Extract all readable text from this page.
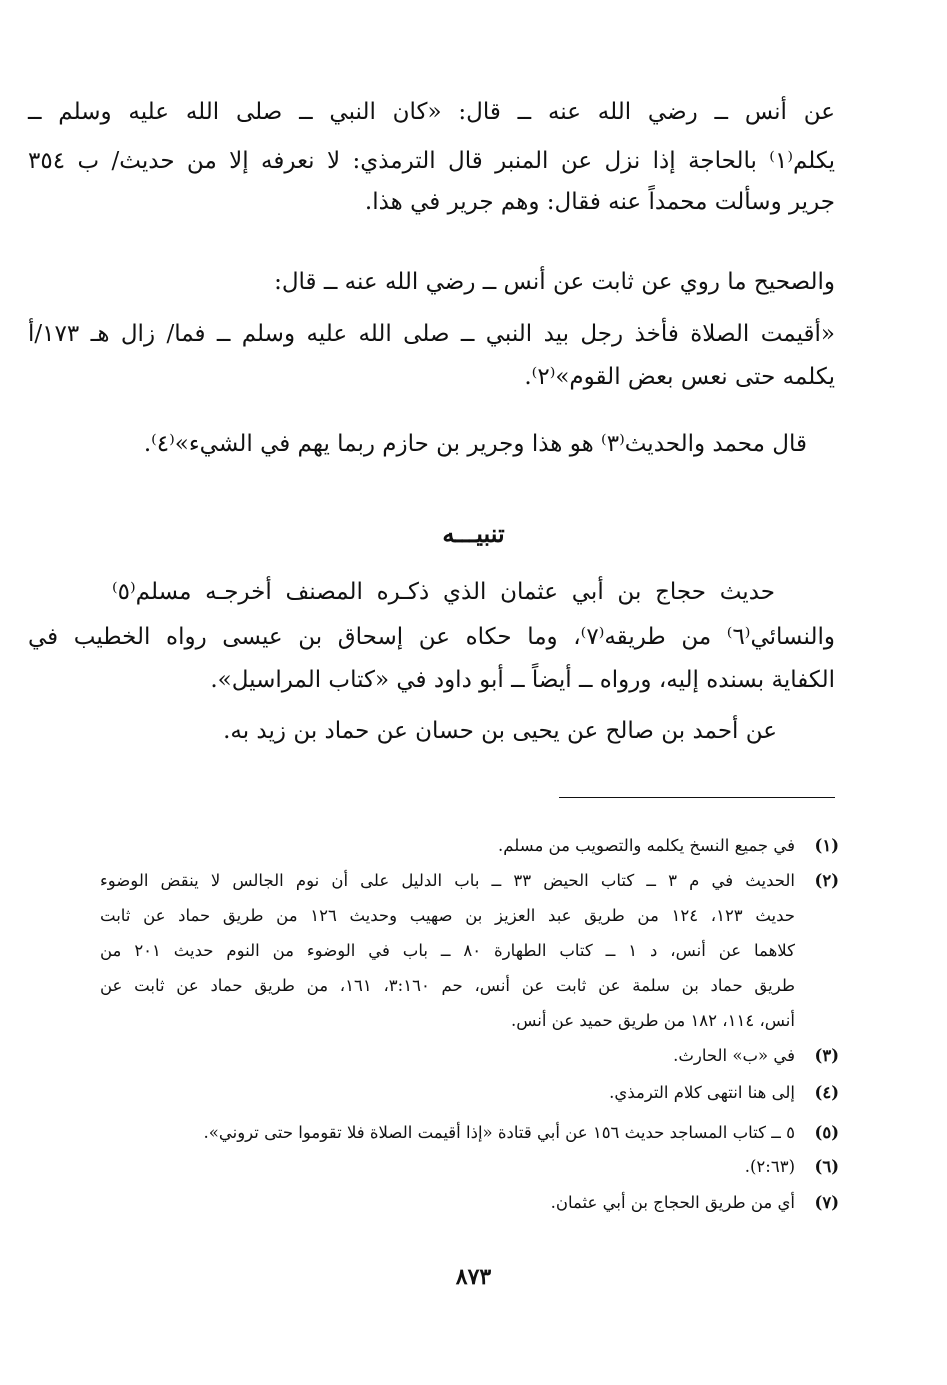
عن أنس ــ رضي الله عنه ــ قال: «كان النبي ــ صلى الله عليه وسلم ــ
يكلم⁽١⁾ بالحاجة إذا نزل عن المنبر قال الترمذي: لا نعرفه إلا من حديث/ ب ٣٥٤
جرير وسألت محمداً عنه فقال: وهم جرير في هذا.
والصحيح ما روي عن ثابت عن أنس ــ رضي الله عنه ــ قال:
«أقيمت الصلاة فأخذ رجل بيد النبي ــ صلى الله عليه وسلم ــ فما/ زال هـ ١٧٣/أ
يكلمه حتى نعس بعض القوم»⁽٢⁾.
قال محمد والحديث⁽٣⁾ هو هذا وجرير بن حازم ربما يهم في الشيء»⁽٤⁾.
تنبيـــه
حديث حجاج بن أبي عثمان الذي ذكـره المصنف أخرجـه مسلم⁽٥⁾
والنسائي⁽٦⁾ من طريقه⁽٧⁾، وما حكاه عن إسحاق بن عيسى رواه الخطيب في
الكفاية بسنده إليه، ورواه ــ أيضاً ــ أبو داود في «كتاب المراسيل».
عن أحمد بن صالح عن يحيى بن حسان عن حماد بن زيد به.
(١)
في جميع النسخ يكلمه والتصويب من مسلم.
(٢)
الحديث في م ٣ ــ كتاب الحيض ٣٣ ــ باب الدليل على أن نوم الجالس لا ينقض الوضوء
حديث ١٢٣، ١٢٤ من طريق عبد العزيز بن صهيب وحديث ١٢٦ من طريق حماد عن ثابت
كلاهما عن أنس، د ١ ــ كتاب الطهارة ٨٠ ــ باب في الوضوء من النوم حديث ٢٠١ من
طريق حماد بن سلمة عن ثابت عن أنس، حم ٣:١٦٠، ١٦١، من طريق حماد عن ثابت عن
أنس، ١١٤، ١٨٢ من طريق حميد عن أنس.
(٣)
في «ب» الحارث.
(٤)
إلى هنا انتهى كلام الترمذي.
(٥)
٥ ــ كتاب المساجد حديث ١٥٦ عن أبي قتادة «إذا أقيمت الصلاة فلا تقوموا حتى تروني».
(٦)
(٢:٦٣).
(٧)
أي من طريق الحجاج بن أبي عثمان.
٨٧٣
